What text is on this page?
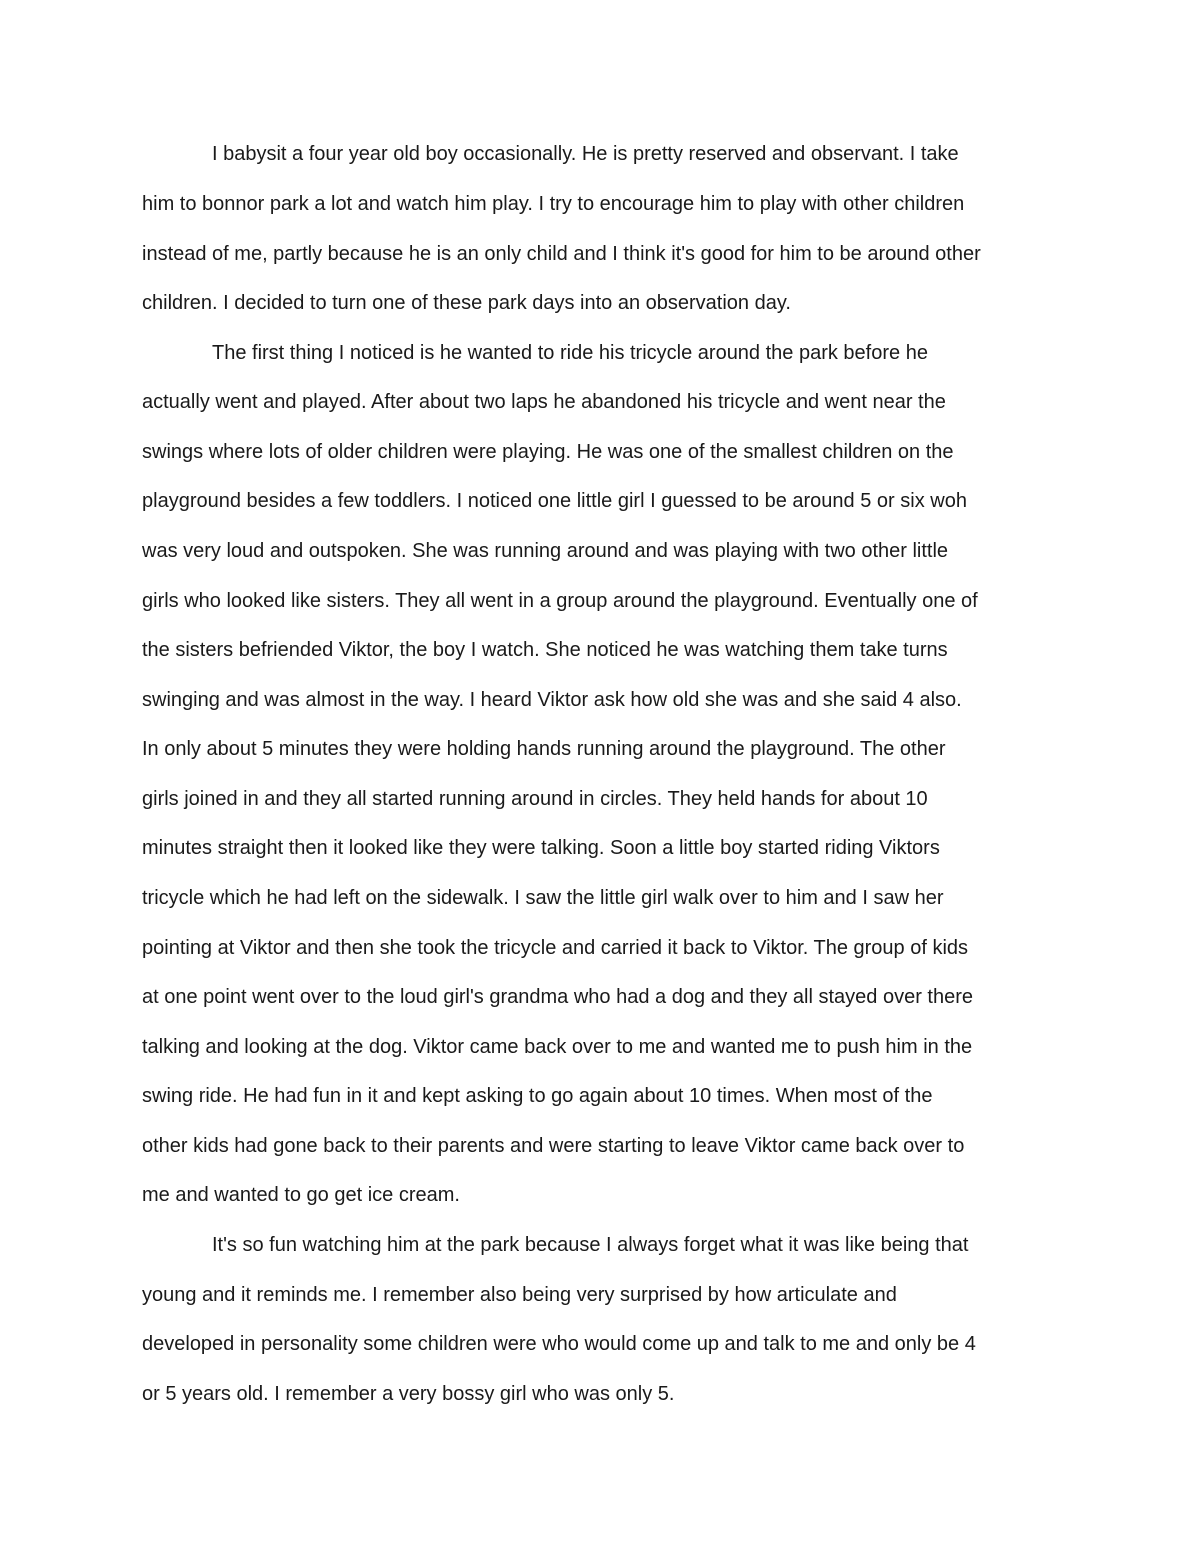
I babysit a four year old boy occasionally. He is pretty reserved and observant. I take

him to bonnor park a lot and watch him play. I try to encourage him to play with other children

instead of me, partly because he is an only child and I think it's good for him to be around other

children. I decided to turn one of these park days into an observation day.

The first thing I noticed is he wanted to ride his tricycle around the park before he

actually went and played. After about two laps he abandoned his tricycle and went near the

swings where lots of older children were playing. He was one of the smallest children on the

playground besides a few toddlers. I noticed one little girl I guessed to be around 5 or six woh

was very loud and outspoken. She was running around and was playing with two other little

girls who looked like sisters. They all went in a group around the playground. Eventually one of

the sisters befriended Viktor, the boy I watch. She noticed he was watching them take turns

swinging and was almost in the way. I heard Viktor ask how old she was and she said 4 also.

In only about 5 minutes they were holding hands running around the playground. The other

girls joined in and they all started running around in circles. They held hands for about 10

minutes straight then it looked like they were talking. Soon a little boy started riding Viktors

tricycle which he had left on the sidewalk. I saw the little girl walk over to him and I saw her

pointing at Viktor and then she took the tricycle and carried it back to Viktor. The group of kids

at one point went over to the loud girl's grandma who had a dog and they all stayed over there

talking and looking at the dog. Viktor came back over to me and wanted me to push him in the

swing ride. He had fun in it and kept asking to go again about 10 times. When most of the

other kids had gone back to their parents and were starting to leave Viktor came back over to

me and wanted to go get ice cream.

It's so fun watching him at the park because I always forget what it was like being that

young and it reminds me. I remember also being very surprised by how articulate and

developed in personality some children were who would come up and talk to me and only be 4

or 5 years old. I remember a very bossy girl who was only 5.
